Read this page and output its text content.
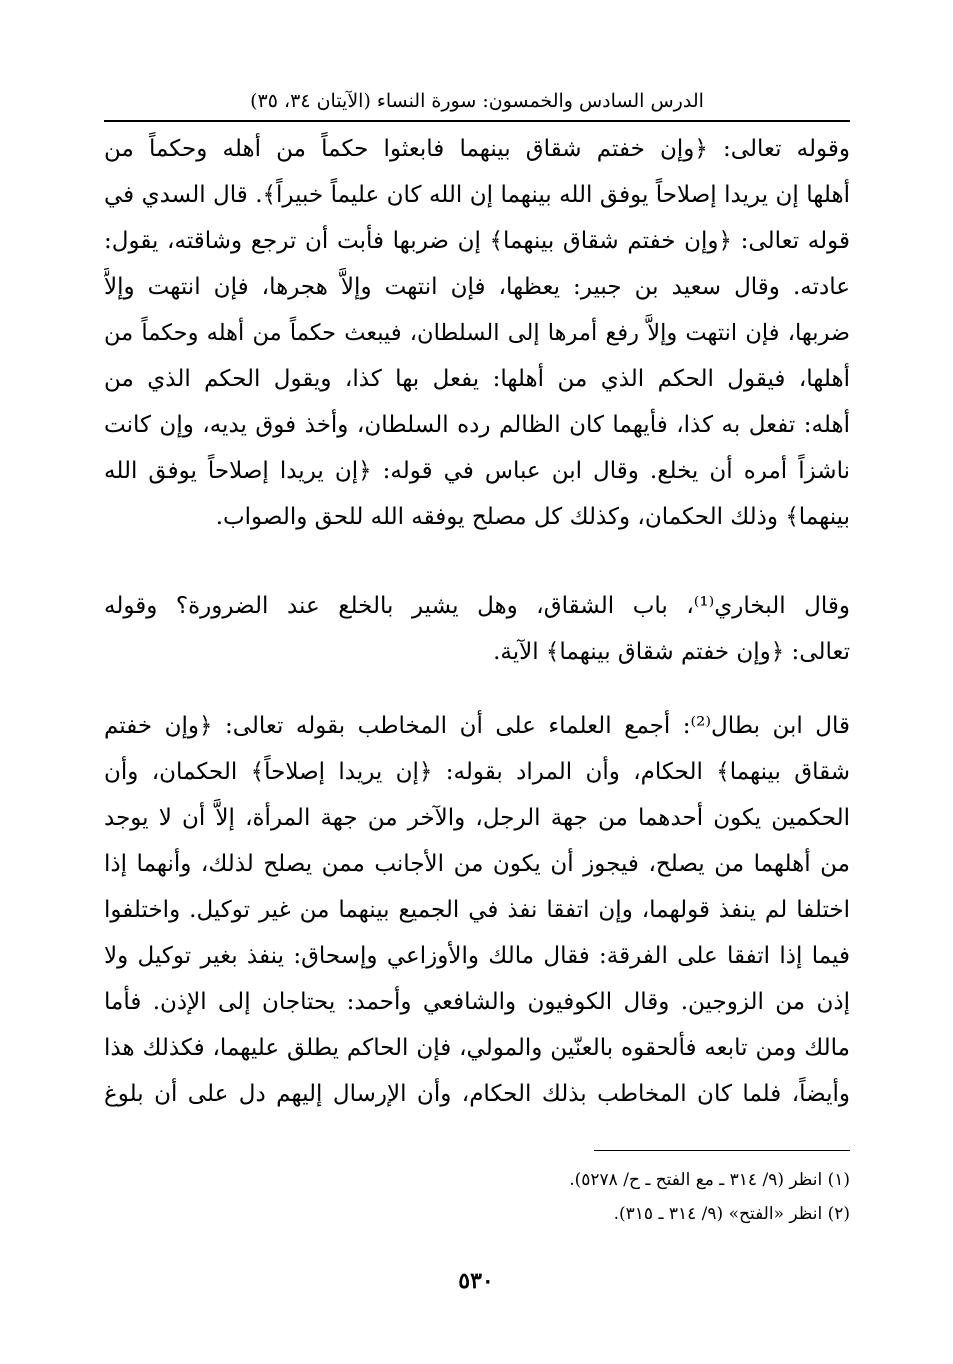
الدرس السادس والخمسون: سورة النساء (الآيتان ٣٤، ٣٥)
وقوله تعالى: ﴿وإن خفتم شقاق بينهما فابعثوا حكماً من أهله وحكماً من
أهلها إن يريدا إصلاحاً يوفق الله بينهما إن الله كان عليماً خبيراً﴾. قال السدي في
قوله تعالى: ﴿وإن خفتم شقاق بينهما﴾ إن ضربها فأبت أن ترجع وشاقته، يقول:
عادته. وقال سعيد بن جبير: يعظها، فإن انتهت وإلاَّ هجرها، فإن انتهت وإلاَّ
ضربها، فإن انتهت وإلاَّ رفع أمرها إلى السلطان، فيبعث حكماً من أهله وحكماً من
أهلها، فيقول الحكم الذي من أهلها: يفعل بها كذا، ويقول الحكم الذي من
أهله: تفعل به كذا، فأيهما كان الظالم رده السلطان، وأخذ فوق يديه، وإن كانت
ناشزاً أمره أن يخلع. وقال ابن عباس في قوله: ﴿إن يريدا إصلاحاً يوفق الله
بينهما﴾ وذلك الحكمان، وكذلك كل مصلح يوفقه الله للحق والصواب.
وقال البخاري⁽¹⁾، باب الشقاق، وهل يشير بالخلع عند الضرورة؟ وقوله
تعالى: ﴿وإن خفتم شقاق بينهما﴾ الآية.
قال ابن بطال⁽²⁾: أجمع العلماء على أن المخاطب بقوله تعالى: ﴿وإن خفتم
شقاق بينهما﴾ الحكام، وأن المراد بقوله: ﴿إن يريدا إصلاحاً﴾ الحكمان، وأن
الحكمين يكون أحدهما من جهة الرجل، والآخر من جهة المرأة، إلاَّ أن لا يوجد
من أهلهما من يصلح، فيجوز أن يكون من الأجانب ممن يصلح لذلك، وأنهما إذا
اختلفا لم ينفذ قولهما، وإن اتفقا نفذ في الجميع بينهما من غير توكيل. واختلفوا
فيما إذا اتفقا على الفرقة: فقال مالك والأوزاعي وإسحاق: ينفذ بغير توكيل ولا
إذن من الزوجين. وقال الكوفيون والشافعي وأحمد: يحتاجان إلى الإذن. فأما
مالك ومن تابعه فألحقوه بالعنّين والمولي، فإن الحاكم يطلق عليهما، فكذلك هذا
وأيضاً، فلما كان المخاطب بذلك الحكام، وأن الإرسال إليهم دل على أن بلوغ
(١) انظر (٩/ ٣١٤ ـ مع الفتح ـ ح/ ٥٢٧٨).
(٢) انظر «الفتح» (٩/ ٣١٤ ـ ٣١٥).
٥٣٠
